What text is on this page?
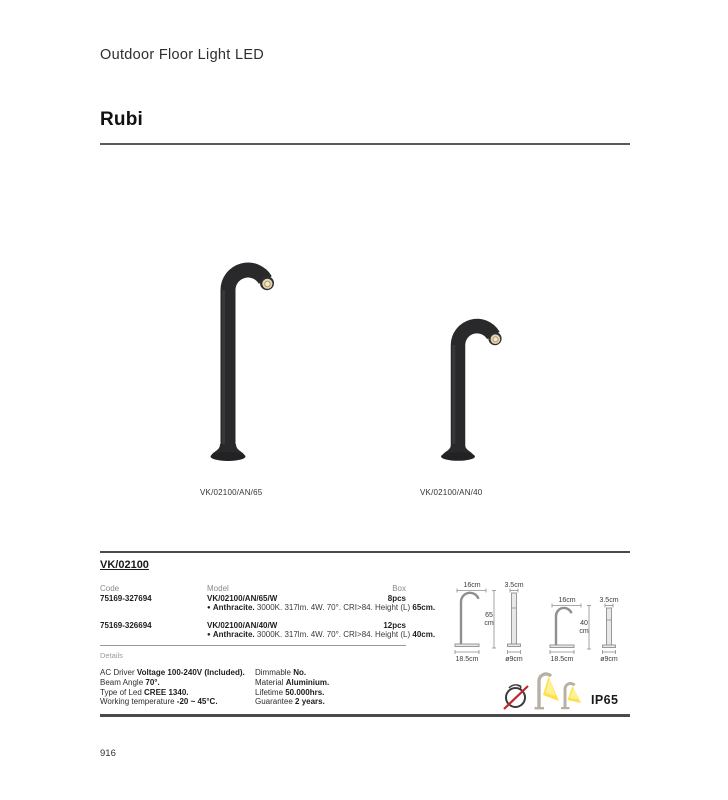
Outdoor Floor Light LED
Rubi
VK/02100/AN/65	VK/02100/AN/40
VK/02100
Code	Model	Box
75169-327694	VK/02100/AN/65/W	8pcs
● Anthracite. 3000K. 317lm. 4W. 70°. CRI>84. Height (L) 65cm.
75169-326694	VK/02100/AN/40/W	12pcs
● Anthracite. 3000K. 317lm. 4W. 70°. CRI>84. Height (L) 40cm.
Details
AC Driver Voltage 100-240V (Included).
Beam Angle 70°.
Type of Led CREE 1340.
Working temperature -20 ~ 45°C.
Dimmable No.
Material Aluminium.
Lifetime 50.000hrs.
Guarantee 2 years.
16cm
65
cm
18.5cm
3.5cm
ø9cm
16cm
40
cm
18.5cm
3.5cm
ø9cm
IP65
916
